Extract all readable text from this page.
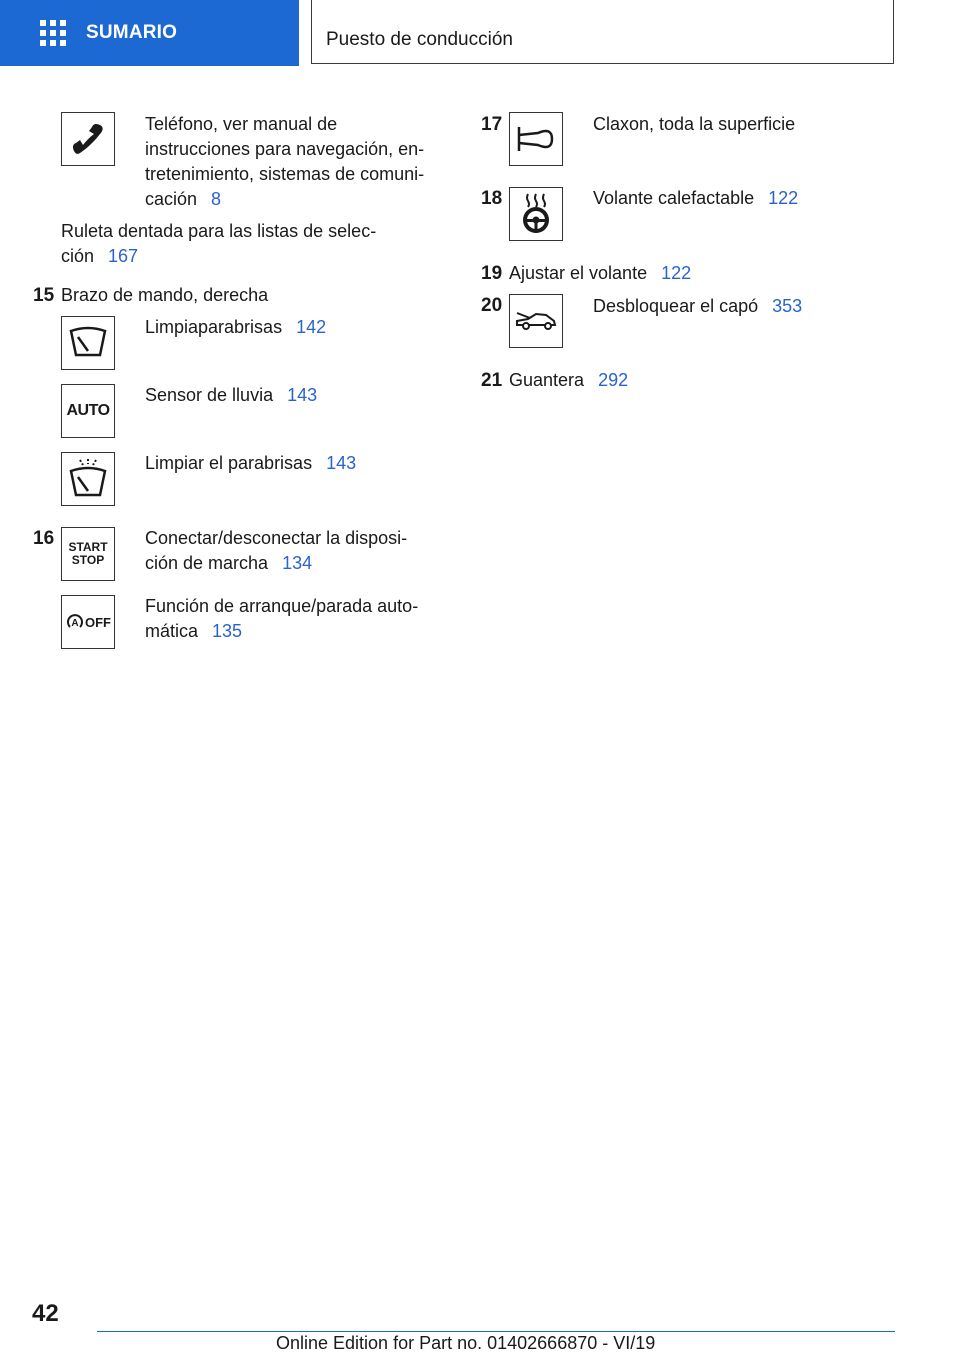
SUMARIO	Puesto de conducción
Teléfono, ver manual de
instrucciones para navegación, en-
tretenimiento, sistemas de comuni-
cación 8
Ruleta dentada para las listas de selec-
ción 167
15 Brazo de mando, derecha
Limpiaparabrisas 142
AUTO
Sensor de lluvia 143
Limpiar el parabrisas 143
16 START
STOP
Conectar/desconectar la disposi-
ción de marcha 134
A OFF
Función de arranque/parada auto-
mática 135
17	Claxon, toda la superficie
18	Volante calefactable 122
19 Ajustar el volante 122
20	Desbloquear el capó 353
21 Guantera 292
42
Online Edition for Part no. 01402666870 - VI/19
